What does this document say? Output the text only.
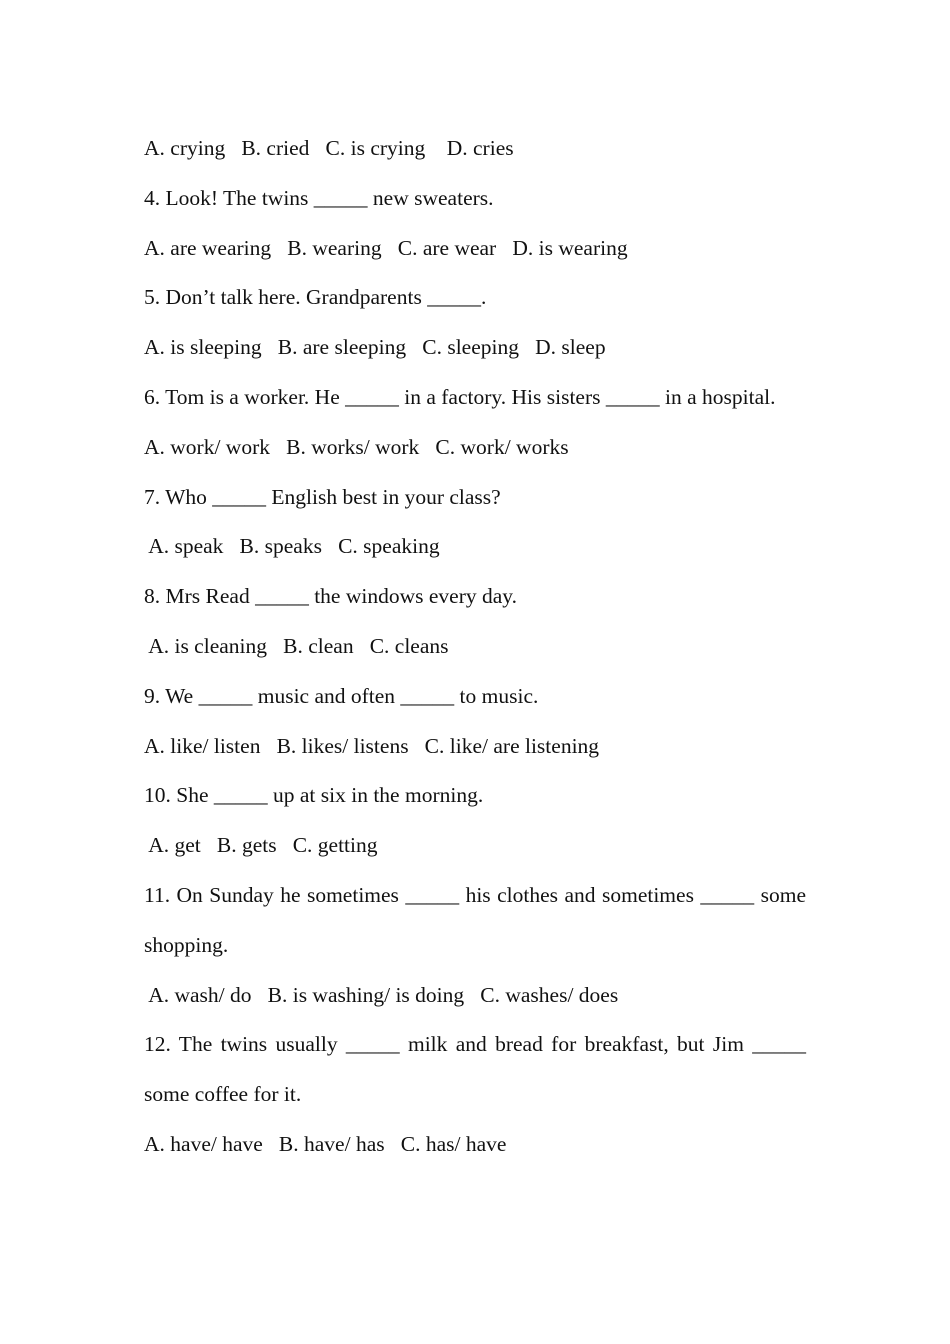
A. crying   B. cried   C. is crying    D. cries
4. Look! The twins _____ new sweaters.
A. are wearing   B. wearing   C. are wear   D. is wearing
5. Don’t talk here. Grandparents _____.
A. is sleeping   B. are sleeping   C. sleeping   D. sleep
6. Tom is a worker. He _____ in a factory. His sisters _____ in a hospital.
A. work/ work   B. works/ work   C. work/ works
7. Who _____ English best in your class?
A. speak   B. speaks   C. speaking
8. Mrs Read _____ the windows every day.
A. is cleaning   B. clean   C. cleans
9. We _____ music and often _____ to music.
A. like/ listen   B. likes/ listens   C. like/ are listening
10. She _____ up at six in the morning.
A. get   B. gets   C. getting
11. On Sunday he sometimes _____ his clothes and sometimes _____ some shopping.
A. wash/ do   B. is washing/ is doing   C. washes/ does
12. The twins usually _____ milk and bread for breakfast, but Jim _____ some coffee for it.
A. have/ have   B. have/ has   C. has/ have
